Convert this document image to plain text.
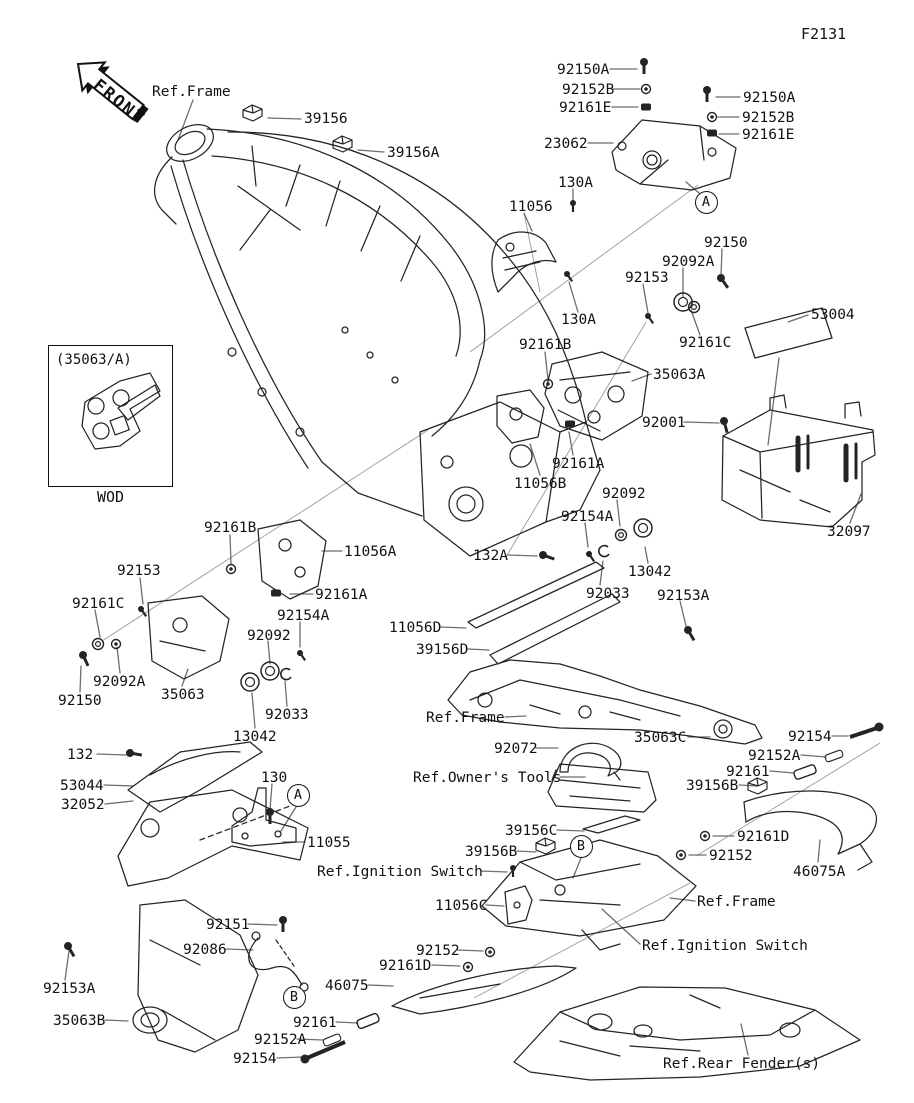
FRONT
F2131
(35063/A)
WOD
Ref.Frame
39156
39156A
92150A
92152B
92161E
23062
92150A
92152B
92161E
130A
11056
92150
92092A
92153
130A
92161C
53004
92161B
35063A
92001
92161A
11056B
92092
92154A
32097
132A
13042
92033 92153A
92161B
11056A
92153
92161A
92161C
92154A
92092
92092A
35063
92150
92033
13042
11056D
39156D
Ref.Frame
92072
Ref.Owner's Tools
35063C	92154
92152A
92161
39156B
132
53044
32052
130
11055
Ref.Ignition Switch
39156C
39156B
92161D
92152
46075A
Ref.Frame
11056C
Ref.Ignition Switch
92151
92086	92152
92161D
46075
92153A
35063B	92161
92152A
92154	Ref.Rear Fender(s)
A
A
B
B
